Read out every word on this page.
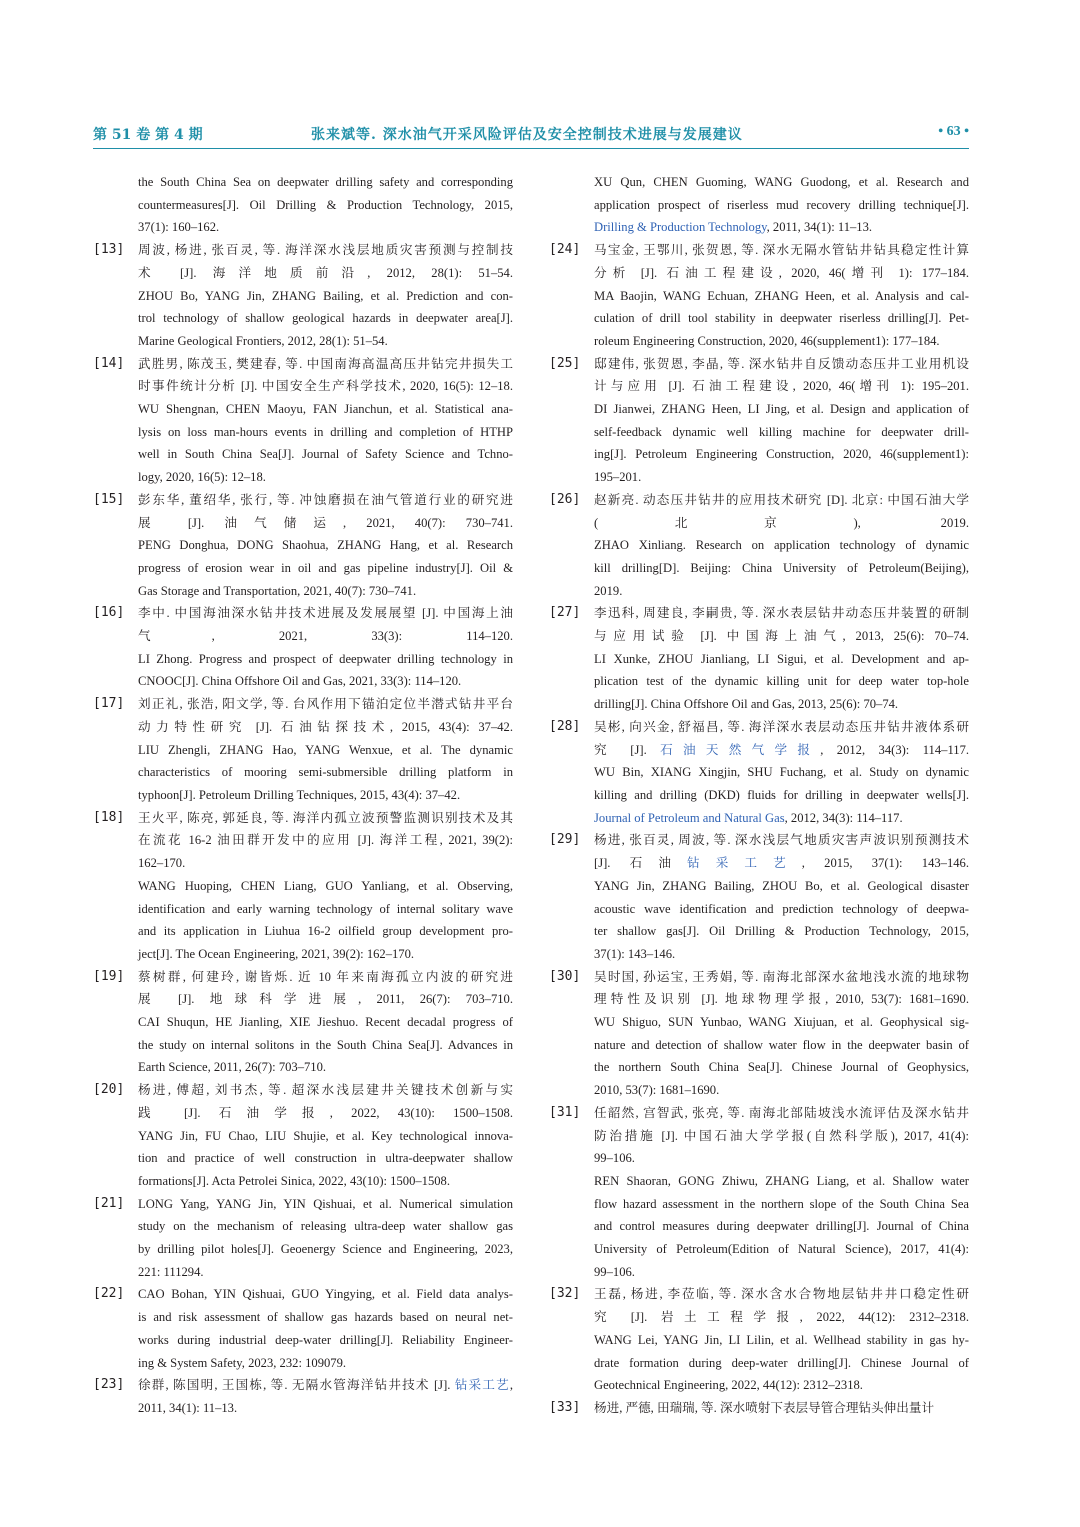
第 51 卷 第 4 期	张来斌等. 深水油气开采风险评估及安全控制技术进展与发展建议	• 63 •
the South China Sea on deepwater drilling safety and corresponding
countermeasures[J]. Oil Drilling & Production Technology, 2015,
37(1): 160–162.
[13] 周波, 杨进, 张百灵, 等. 海洋深水浅层地质灾害预测与控制技
术 [J]. 海洋地质前沿, 2012, 28(1): 51–54.
ZHOU Bo, YANG Jin, ZHANG Bailing, et al. Prediction and con-
trol technology of shallow geological hazards in deepwater area[J].
Marine Geological Frontiers, 2012, 28(1): 51–54.
[14] 武胜男, 陈茂玉, 樊建春, 等. 中国南海高温高压井钻完井损失工
时事件统计分析 [J]. 中国安全生产科学技术, 2020, 16(5): 12–18.
WU Shengnan, CHEN Maoyu, FAN Jianchun, et al. Statistical ana-
lysis on loss man-hours events in drilling and completion of HTHP
well in South China Sea[J]. Journal of Safety Science and Tchno-
logy, 2020, 16(5): 12–18.
[15] 彭东华, 董绍华, 张行, 等. 冲蚀磨损在油气管道行业的研究进
展 [J]. 油气储运, 2021, 40(7): 730–741.
PENG Donghua, DONG Shaohua, ZHANG Hang, et al. Research
progress of erosion wear in oil and gas pipeline industry[J]. Oil &
Gas Storage and Transportation, 2021, 40(7): 730–741.
[16] 李中. 中国海油深水钻井技术进展及发展展望 [J]. 中国海上油
气, 2021, 33(3): 114–120.
LI Zhong. Progress and prospect of deepwater drilling technology in
CNOOC[J]. China Offshore Oil and Gas, 2021, 33(3): 114–120.
[17] 刘正礼, 张浩, 阳文学, 等. 台风作用下锚泊定位半潜式钻井平台
动力特性研究 [J]. 石油钻探技术, 2015, 43(4): 37–42.
LIU Zhengli, ZHANG Hao, YANG Wenxue, et al. The dynamic
characteristics of mooring semi-submersible drilling platform in
typhoon[J]. Petroleum Drilling Techniques, 2015, 43(4): 37–42.
[18] 王火平, 陈亮, 郭延良, 等. 海洋内孤立波预警监测识别技术及其
在流花 16-2 油田群开发中的应用 [J]. 海洋工程, 2021, 39(2):
162–170.
WANG Huoping, CHEN Liang, GUO Yanliang, et al. Observing,
identification and early warning technology of internal solitary wave
and its application in Liuhua 16-2 oilfield group development pro-
ject[J]. The Ocean Engineering, 2021, 39(2): 162–170.
[19] 蔡树群, 何建玲, 谢皆烁. 近 10 年来南海孤立内波的研究进
展 [J]. 地球科学进展, 2011, 26(7): 703–710.
CAI Shuqun, HE Jianling, XIE Jieshuo. Recent decadal progress of
the study on internal solitons in the South China Sea[J]. Advances in
Earth Science, 2011, 26(7): 703–710.
[20] 杨进, 傅超, 刘书杰, 等. 超深水浅层建井关键技术创新与实
践 [J]. 石油学报, 2022, 43(10): 1500–1508.
YANG Jin, FU Chao, LIU Shujie, et al. Key technological innova-
tion and practice of well construction in ultra-deepwater shallow
formations[J]. Acta Petrolei Sinica, 2022, 43(10): 1500–1508.
[21] LONG Yang, YANG Jin, YIN Qishuai, et al. Numerical simulation
study on the mechanism of releasing ultra-deep water shallow gas
by drilling pilot holes[J]. Geoenergy Science and Engineering, 2023,
221: 111294.
[22] CAO Bohan, YIN Qishuai, GUO Yingying, et al. Field data analys-
is and risk assessment of shallow gas hazards based on neural net-
works during industrial deep-water drilling[J]. Reliability Engineer-
ing & System Safety, 2023, 232: 109079.
[23] 徐群, 陈国明, 王国栋, 等. 无隔水管海洋钻井技术 [J]. 钻采工艺,
2011, 34(1): 11–13.
XU Qun, CHEN Guoming, WANG Guodong, et al. Research and
application prospect of riserless mud recovery drilling technique[J].
Drilling & Production Technology, 2011, 34(1): 11–13.
[24] 马宝金, 王鄂川, 张贺恩, 等. 深水无隔水管钻井钻具稳定性计算
分析 [J]. 石油工程建设, 2020, 46(增刊 1): 177–184.
MA Baojin, WANG Echuan, ZHANG Heen, et al. Analysis and cal-
culation of drill tool stability in deepwater riserless drilling[J]. Pet-
roleum Engineering Construction, 2020, 46(supplement1): 177–184.
[25] 邸建伟, 张贺恩, 李晶, 等. 深水钻井自反馈动态压井工业用机设
计与应用 [J]. 石油工程建设, 2020, 46(增刊 1): 195–201.
DI Jianwei, ZHANG Heen, LI Jing, et al. Design and application of
self-feedback dynamic well killing machine for deepwater drill-
ing[J]. Petroleum Engineering Construction, 2020, 46(supplement1):
195–201.
[26] 赵新亮. 动态压井钻井的应用技术研究 [D]. 北京: 中国石油大学
(北京), 2019.
ZHAO Xinliang. Research on application technology of dynamic
kill drilling[D]. Beijing: China University of Petroleum(Beijing),
2019.
[27] 李迅科, 周建良, 李嗣贵, 等. 深水表层钻井动态压井装置的研制
与应用试验 [J]. 中国海上油气, 2013, 25(6): 70–74.
LI Xunke, ZHOU Jianliang, LI Sigui, et al. Development and ap-
plication test of the dynamic killing unit for deep water top-hole
drilling[J]. China Offshore Oil and Gas, 2013, 25(6): 70–74.
[28] 吴彬, 向兴金, 舒福昌, 等. 海洋深水表层动态压井钻井液体系研
究 [J]. 石油天然气学报, 2012, 34(3): 114–117.
WU Bin, XIANG Xingjin, SHU Fuchang, et al. Study on dynamic
killing and drilling (DKD) fluids for drilling in deepwater wells[J].
Journal of Petroleum and Natural Gas, 2012, 34(3): 114–117.
[29] 杨进, 张百灵, 周波, 等. 深水浅层气地质灾害声波识别预测技术
[J]. 石油钻采工艺, 2015, 37(1): 143–146.
YANG Jin, ZHANG Bailing, ZHOU Bo, et al. Geological disaster
acoustic wave identification and prediction technology of deepwa-
ter shallow gas[J]. Oil Drilling & Production Technology, 2015,
37(1): 143–146.
[30] 吴时国, 孙运宝, 王秀娟, 等. 南海北部深水盆地浅水流的地球物
理特性及识别 [J]. 地球物理学报, 2010, 53(7): 1681–1690.
WU Shiguo, SUN Yunbao, WANG Xiujuan, et al. Geophysical sig-
nature and detection of shallow water flow in the deepwater basin of
the northern South China Sea[J]. Chinese Journal of Geophysics,
2010, 53(7): 1681–1690.
[31] 任韶然, 宫智武, 张亮, 等. 南海北部陆坡浅水流评估及深水钻井
防治措施 [J]. 中国石油大学学报(自然科学版), 2017, 41(4):
99–106.
REN Shaoran, GONG Zhiwu, ZHANG Liang, et al. Shallow water
flow hazard assessment in the northern slope of the South China Sea
and control measures during deepwater drilling[J]. Journal of China
University of Petroleum(Edition of Natural Science), 2017, 41(4):
99–106.
[32] 王磊, 杨进, 李莅临, 等. 深水含水合物地层钻井井口稳定性研
究 [J]. 岩土工程学报, 2022, 44(12): 2312–2318.
WANG Lei, YANG Jin, LI Lilin, et al. Wellhead stability in gas hy-
drate formation during deep-water drilling[J]. Chinese Journal of
Geotechnical Engineering, 2022, 44(12): 2312–2318.
[33] 杨进, 严德, 田瑞瑞, 等. 深水喷射下表层导管合理钻头伸出量计
